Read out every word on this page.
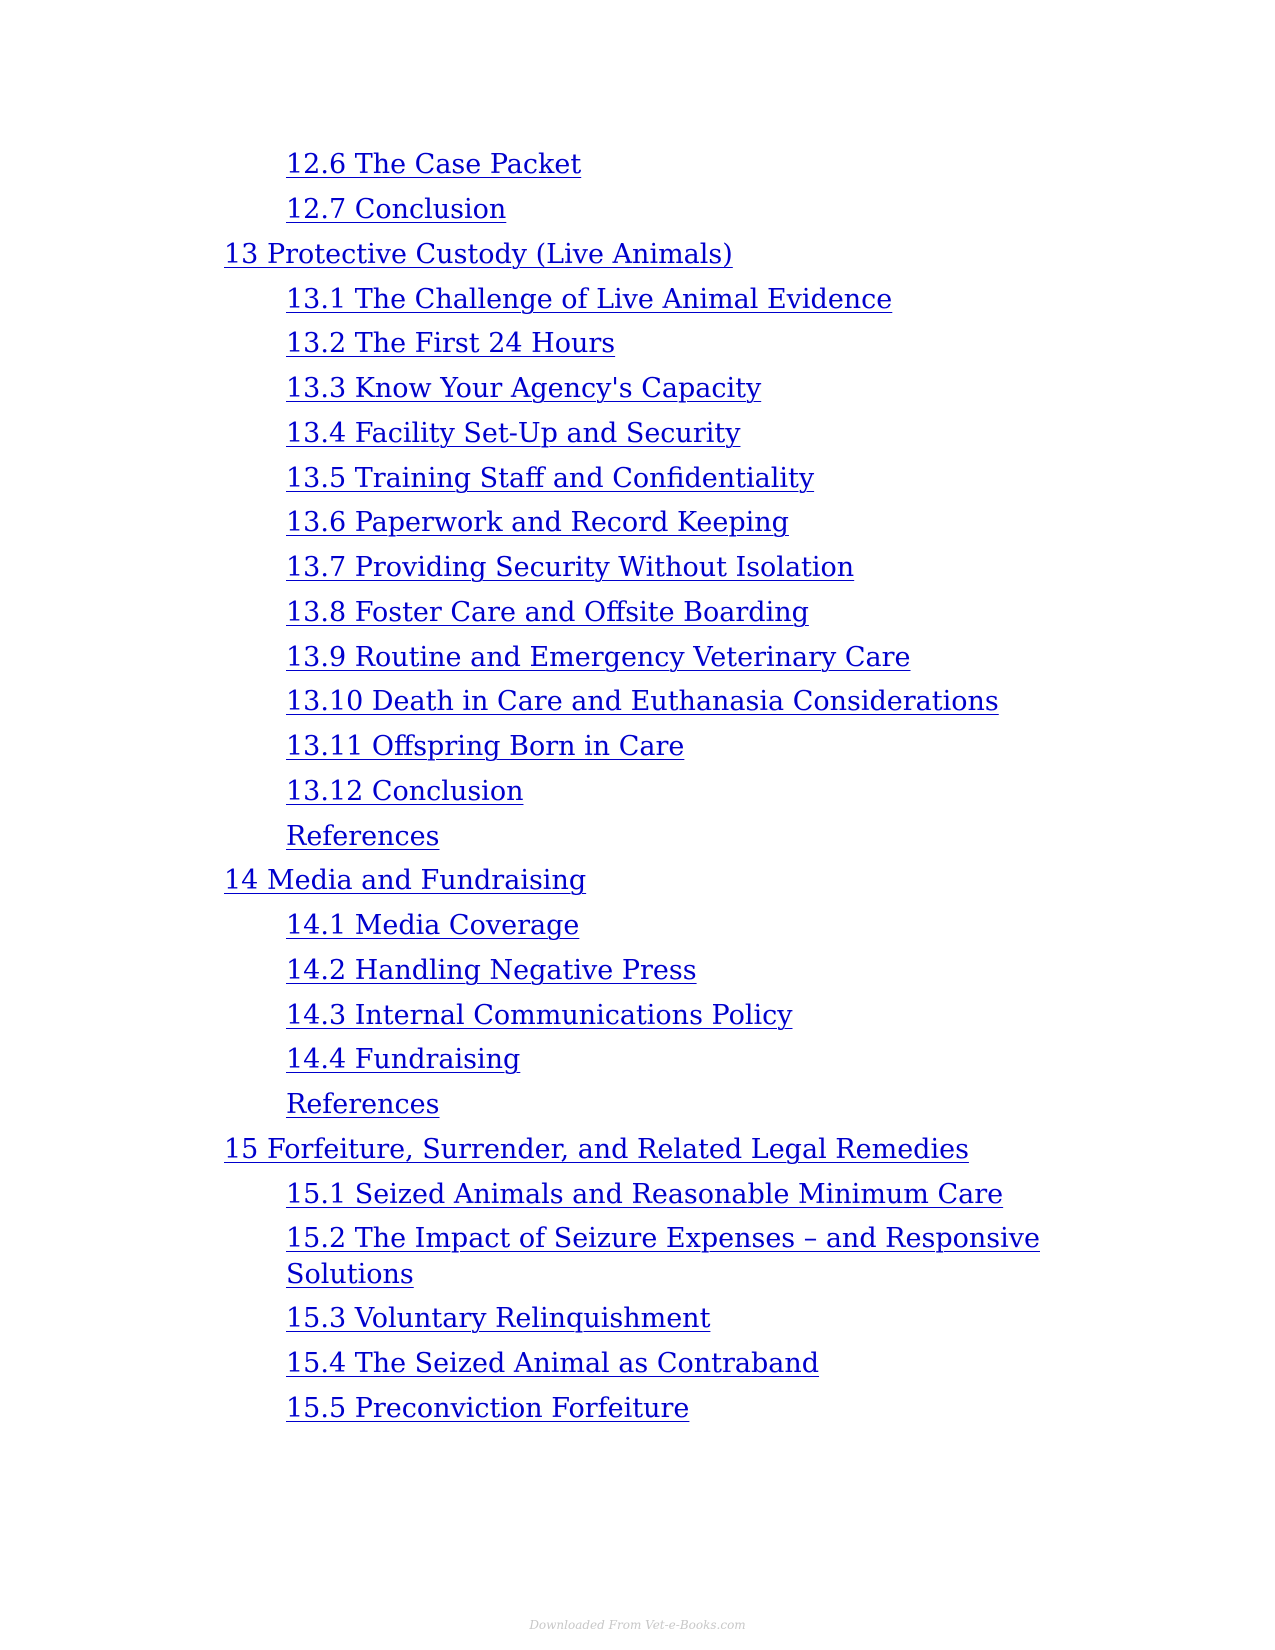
12.6 The Case Packet
12.7 Conclusion
13 Protective Custody (Live Animals)
13.1 The Challenge of Live Animal Evidence
13.2 The First 24 Hours
13.3 Know Your Agency's Capacity
13.4 Facility Set-Up and Security
13.5 Training Staff and Confidentiality
13.6 Paperwork and Record Keeping
13.7 Providing Security Without Isolation
13.8 Foster Care and Offsite Boarding
13.9 Routine and Emergency Veterinary Care
13.10 Death in Care and Euthanasia Considerations
13.11 Offspring Born in Care
13.12 Conclusion
References
14 Media and Fundraising
14.1 Media Coverage
14.2 Handling Negative Press
14.3 Internal Communications Policy
14.4 Fundraising
References
15 Forfeiture, Surrender, and Related Legal Remedies
15.1 Seized Animals and Reasonable Minimum Care
15.2 The Impact of Seizure Expenses – and Responsive Solutions
15.3 Voluntary Relinquishment
15.4 The Seized Animal as Contraband
15.5 Preconviction Forfeiture
Downloaded From Vet-e-Books.com
